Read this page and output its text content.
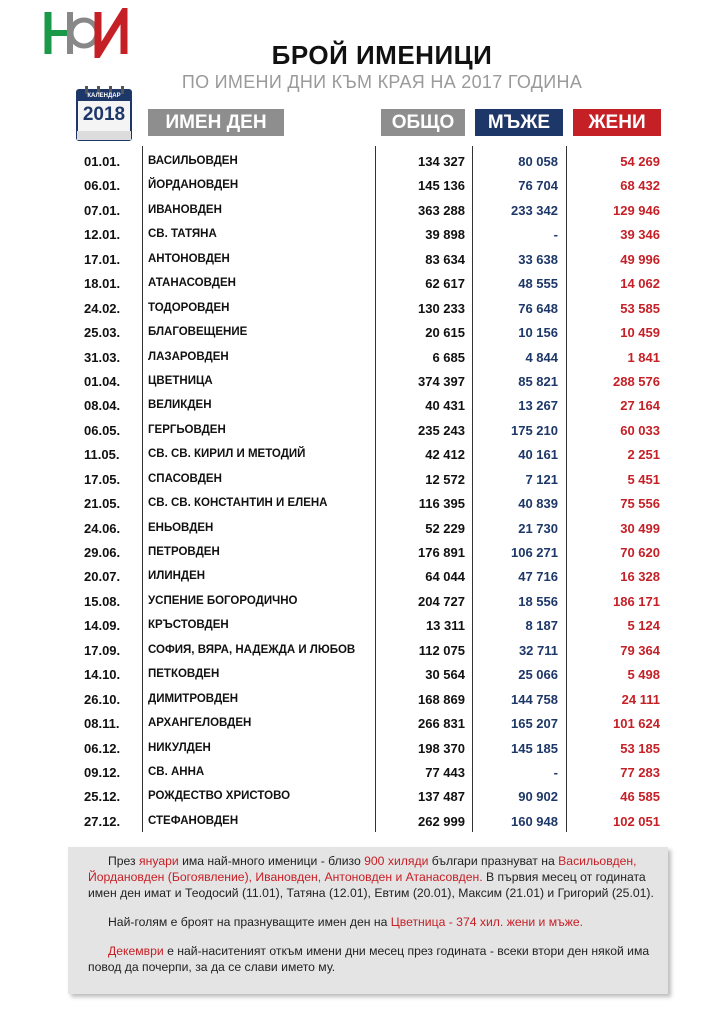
БРОЙ ИМЕНИЦИ
ПО ИМЕНИ ДНИ КЪМ КРАЯ НА 2017 ГОДИНА
КАЛЕНДАР
2018	ИМЕН ДЕН	ОБЩО	МЪЖЕ	ЖЕНИ
01.01.	ВАСИЛЬОВДЕН	134 327	80 058	54 269
06.01.	ЙОРДАНОВДЕН	145 136	76 704	68 432
07.01.	ИВАНОВДЕН	363 288	233 342	129 946
12.01.	СВ. ТАТЯНА	39 898	-	39 346
17.01.	АНТОНОВДЕН	83 634	33 638	49 996
18.01.	АТАНАСОВДЕН	62 617	48 555	14 062
24.02.	ТОДОРОВДЕН	130 233	76 648	53 585
25.03.	БЛАГОВЕЩЕНИЕ	20 615	10 156	10 459
31.03.	ЛАЗАРОВДЕН	6 685	4 844	1 841
01.04.	ЦВЕТНИЦА	374 397	85 821	288 576
08.04.	ВЕЛИКДЕН	40 431	13 267	27 164
06.05.	ГЕРГЬОВДЕН	235 243	175 210	60 033
11.05.	СВ. СВ. КИРИЛ И МЕТОДИЙ	42 412	40 161	2 251
17.05.	СПАСОВДЕН	12 572	7 121	5 451
21.05.	СВ. СВ. КОНСТАНТИН И ЕЛЕНА	116 395	40 839	75 556
24.06.	ЕНЬОВДЕН	52 229	21 730	30 499
29.06.	ПЕТРОВДЕН	176 891	106 271	70 620
20.07.	ИЛИНДЕН	64 044	47 716	16 328
15.08.	УСПЕНИЕ БОГОРОДИЧНО	204 727	18 556	186 171
14.09.	КРЪСТОВДЕН	13 311	8 187	5 124
17.09.	СОФИЯ, ВЯРА, НАДЕЖДА И ЛЮБОВ	112 075	32 711	79 364
14.10.	ПЕТКОВДЕН	30 564	25 066	5 498
26.10.	ДИМИТРОВДЕН	168 869	144 758	24 111
08.11.	АРХАНГЕЛОВДЕН	266 831	165 207	101 624
06.12.	НИКУЛДЕН	198 370	145 185	53 185
09.12.	СВ. АННА	77 443	-	77 283
25.12.	РОЖДЕСТВО ХРИСТОВО	137 487	90 902	46 585
27.12.	СТЕФАНОВДЕН	262 999	160 948	102 051

През януари има най-много именици - близо 900 хиляди българи празнуват на Васильовден, Йордановден (Богоявление), Ивановден, Антоновден и Атанасовден. В първия месец от годината имен ден имат и Теодосий (11.01), Татяна (12.01), Евтим (20.01), Максим (21.01) и Григорий (25.01).

Най-голям е броят на празнуващите имен ден на Цветница - 374 хил. жени и мъже.

Декември е най-наситеният откъм имени дни месец през годината - всеки втори ден някой има повод да почерпи, за да се слави името му.
